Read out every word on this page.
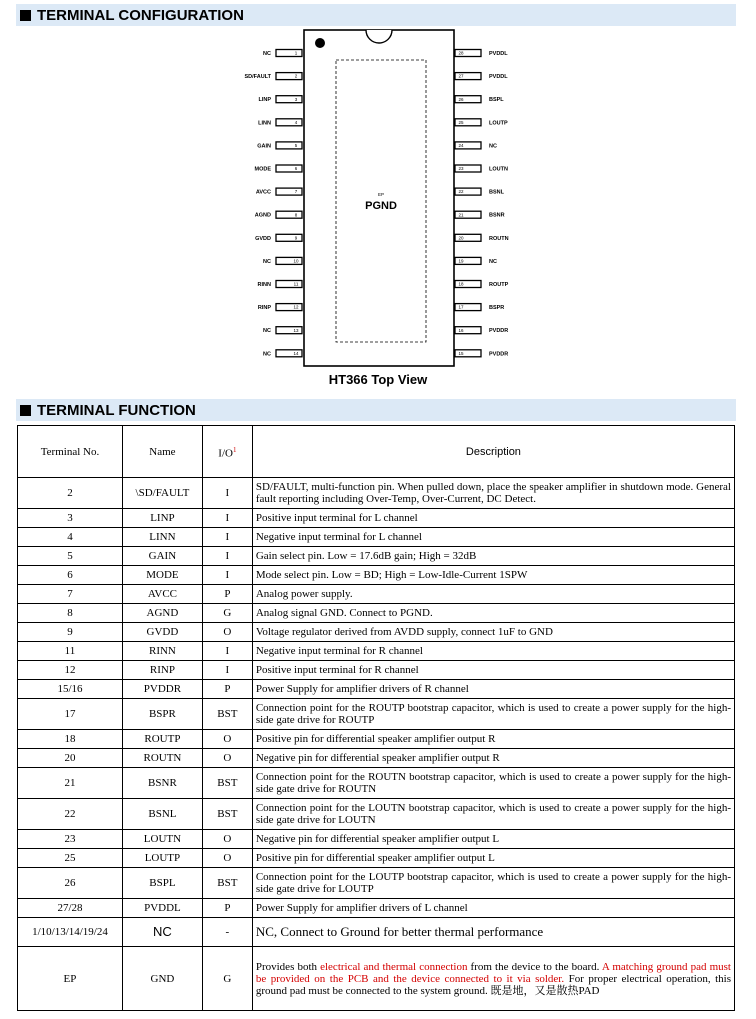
TERMINAL CONFIGURATION
EP
PGND
1
NC
2
SD/FAULT
3
LINP
4
LINN
5
GAIN
6
MODE
7
AVCC
8
AGND
9
GVDD
10
NC
11
RINN
12
RINP
13
NC
14
NC
28	PVDDL
27	PVDDL
26	BSPL
25	LOUTP
24	NC
23	LOUTN
22	BSNL
21	BSNR
20	ROUTN
19	NC
18	ROUTP
17	BSPR
16	PVDDR
15	PVDDR
HT366 Top View
TERMINAL FUNCTION
Terminal No.	Name	$I/O^1$	Description
2	\SD/FAULT	I	SD/FAULT, multi-function pin. When pulled down, place the speaker amplifier in shutdown mode. General fault reporting including Over-Temp, Over-Current, DC Detect.
3	LINP	I	Positive input terminal for L channel
4	LINN	I	Negative input terminal for L channel
5	GAIN	I	Gain select pin. Low = 17.6dB gain; High = 32dB
6	MODE	I	Mode select pin. Low = BD; High = Low-Idle-Current 1SPW
7	AVCC	P	Analog power supply.
8	AGND	G	Analog signal GND. Connect to PGND.
9	GVDD	O	Voltage regulator derived from AVDD supply, connect 1uF to GND
11	RINN	I	Negative input terminal for R channel
12	RINP	I	Positive input terminal for R channel
15/16	PVDDR	P	Power Supply for amplifier drivers of R channel
17	BSPR	BST	Connection point for the ROUTP bootstrap capacitor, which is used to create a power supply for the high-side gate drive for ROUTP
18	ROUTP	O	Positive pin for differential speaker amplifier output R
20	ROUTN	O	Negative pin for differential speaker amplifier output R
21	BSNR	BST	Connection point for the ROUTN bootstrap capacitor, which is used to create a power supply for the high-side gate drive for ROUTN
22	BSNL	BST	Connection point for the LOUTN bootstrap capacitor, which is used to create a power supply for the high-side gate drive for LOUTN
23	LOUTN	O	Negative pin for differential speaker amplifier output L
25	LOUTP	O	Positive pin for differential speaker amplifier output L
26	BSPL	BST	Connection point for the LOUTP bootstrap capacitor, which is used to create a power supply for the high-side gate drive for LOUTP
27/28	PVDDL	P	Power Supply for amplifier drivers of L channel
1/10/13/14/19/24	NC	-	NC, Connect to Ground for better thermal performance
EP	GND	G	Provides both electrical and thermal connection from the device to the board. A matching ground pad must be provided on the PCB and the device connected to it via solder. For proper electrical operation, this ground pad must be connected to the system ground. 既是地，又是散热PAD
